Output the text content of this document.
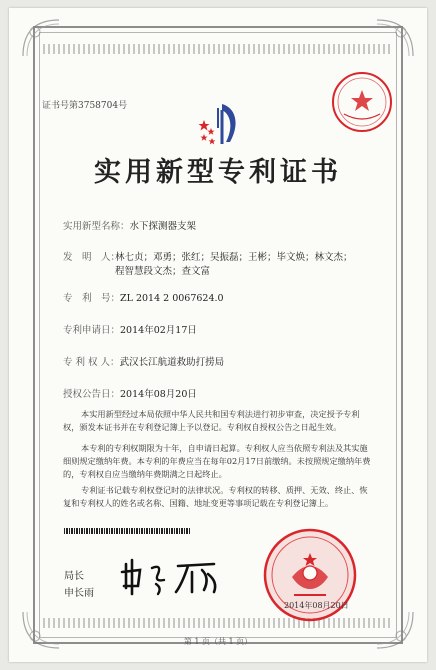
证书号第3758704号
实用新型专利证书
实用新型名称：水下探测器支架
发　明　人：
林七贞；邓勇；张红；吴振磊；王彬；毕文焕；林文杰；程智慧段文杰；查文富
专　利　号：ZL 2014 2 0067624.0
专利申请日：2014年02月17日
专 利 权 人：武汉长江航道救助打捞局
授权公告日：2014年08月20日
本实用新型经过本局依照中华人民共和国专利法进行初步审查，决定授予专利权，颁发本证书并在专利登记簿上予以登记。专利权自授权公告之日起生效。
本专利的专利权期限为十年，自申请日起算。专利权人应当依照专利法及其实施细则规定缴纳年费。本专利的年费应当在每年02月17日前缴纳。未按照规定缴纳年费的，专利权自应当缴纳年费期满之日起终止。
专利证书记载专利权登记时的法律状况。专利权的转移、质押、无效、终止、恢复和专利权人的姓名或名称、国籍、地址变更等事项记载在专利登记簿上。
局长
申长雨
2014年08月20日
第 1 页（共 1 页）
